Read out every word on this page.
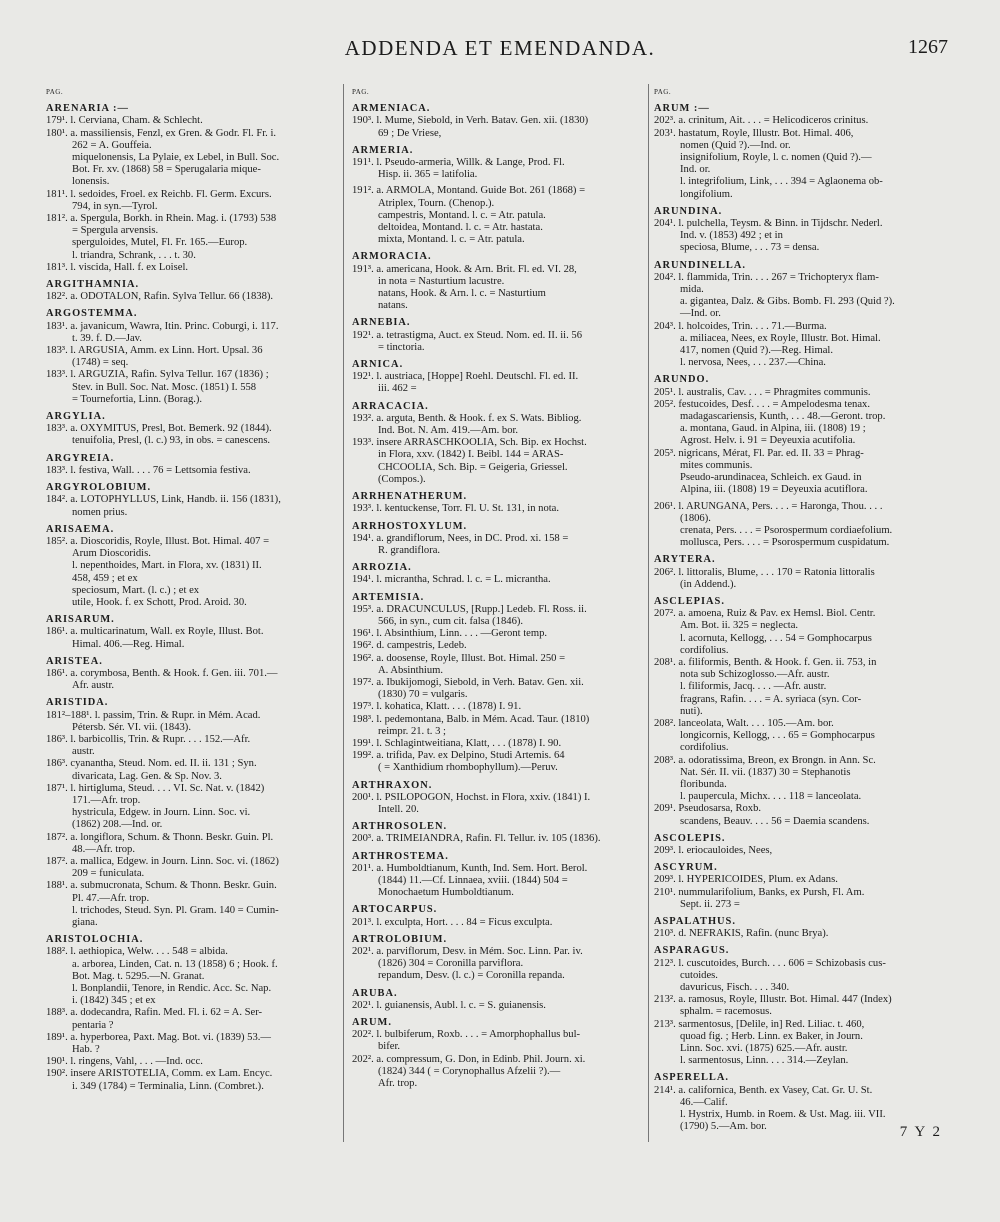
ADDENDA ET EMENDANDA.	1267
PAG.
ARENARIA :—
179¹. l. Cerviana, Cham. & Schlecht.
180¹. a. massiliensis, Fenzl, ex Gren. & Godr. Fl. Fr. i.
262 = A. Gouffeia.
miquelonensis, La Pylaie, ex Lebel, in Bull. Soc.
Bot. Fr. xv. (1868) 58 = Sperugalaria mique-
lonensis.
181¹. l. sedoides, Froel. ex Reichb. Fl. Germ. Excurs.
794, in syn.—Tyrol.
181². a. Spergula, Borkh. in Rhein. Mag. i. (1793) 538
= Spergula arvensis.
sperguloides, Mutel, Fl. Fr. 165.—Europ.
l. triandra, Schrank, . . . t. 30.
181³. l. viscida, Hall. f. ex Loisel.
ARGITHAMNIA.
182². a. ODOTALON, Rafin. Sylva Tellur. 66 (1838).
ARGOSTEMMA.
183¹. a. javanicum, Wawra, Itin. Princ. Coburgi, i. 117.
t. 39. f. D.—Jav.
183³. l. ARGUSIA, Amm. ex Linn. Hort. Upsal. 36
(1748) = seq.
183³. l. ARGUZIA, Rafin. Sylva Tellur. 167 (1836) ;
Stev. in Bull. Soc. Nat. Mosc. (1851) I. 558
= Tournefortia, Linn. (Borag.).
ARGYLIA.
183³. a. OXYMITUS, Presl, Bot. Bemerk. 92 (1844).
tenuifolia, Presl, (l. c.) 93, in obs. = canescens.
ARGYREIA.
183³. l. festiva, Wall. . . . 76 = Lettsomia festiva.
ARGYROLOBIUM.
184². a. LOTOPHYLLUS, Link, Handb. ii. 156 (1831),
nomen prius.
ARISAEMA.
185². a. Dioscoridis, Royle, Illust. Bot. Himal. 407 =
Arum Dioscoridis.
l. nepenthoides, Mart. in Flora, xv. (1831) II.
458, 459 ; et ex
speciosum, Mart. (l. c.) ; et ex
utile, Hook. f. ex Schott, Prod. Aroid. 30.
ARISARUM.
186¹. a. multicarinatum, Wall. ex Royle, Illust. Bot.
Himal. 406.—Reg. Himal.
ARISTEA.
186¹. a. corymbosa, Benth. & Hook. f. Gen. iii. 701.—
Afr. austr.
ARISTIDA.
181²–188¹. l. passim, Trin. & Rupr. in Mém. Acad.
Pétersb. Sér. VI. vii. (1843).
186³. l. barbicollis, Trin. & Rupr. . . . 152.—Afr.
austr.
186³. cyanantha, Steud. Nom. ed. II. ii. 131 ; Syn.
divaricata, Lag. Gen. & Sp. Nov. 3.
187¹. l. hirtigluma, Steud. . . . VI. Sc. Nat. v. (1842)
171.—Afr. trop.
hystricula, Edgew. in Journ. Linn. Soc. vi.
(1862) 208.—Ind. or.
187². a. longiflora, Schum. & Thonn. Beskr. Guin. Pl.
48.—Afr. trop.
187². a. mallica, Edgew. in Journ. Linn. Soc. vi. (1862)
209 = funiculata.
188¹. a. submucronata, Schum. & Thonn. Beskr. Guin.
Pl. 47.—Afr. trop.
l. trichodes, Steud. Syn. Pl. Gram. 140 = Cumin-
giana.
ARISTOLOCHIA.
188². l. aethiopica, Welw. . . . 548 = albida.
a. arborea, Linden, Cat. n. 13 (1858) 6 ; Hook. f.
Bot. Mag. t. 5295.—N. Granat.
l. Bonplandii, Tenore, in Rendic. Acc. Sc. Nap.
i. (1842) 345 ; et ex
188³. a. dodecandra, Rafin. Med. Fl. i. 62 = A. Ser-
pentaria ?
189¹. a. hyperborea, Paxt. Mag. Bot. vi. (1839) 53.—
Hab. ?
190¹. l. ringens, Vahl, . . . —Ind. occ.
190². insere ARISTOTELIA, Comm. ex Lam. Encyc.
i. 349 (1784) = Terminalia, Linn. (Combret.).
PAG.
ARMENIACA.
190³. l. Mume, Siebold, in Verh. Batav. Gen. xii. (1830)
69 ; De Vriese,
ARMERIA.
191¹. l. Pseudo-armeria, Willk. & Lange, Prod. Fl.
Hisp. ii. 365 = latifolia.
191². a. ARMOLA, Montand. Guide Bot. 261 (1868) =
Atriplex, Tourn. (Chenop.).
campestris, Montand. l. c. = Atr. patula.
deltoidea, Montand. l. c. = Atr. hastata.
mixta, Montand. l. c. = Atr. patula.
ARMORACIA.
191³. a. americana, Hook. & Arn. Brit. Fl. ed. VI. 28,
in nota = Nasturtium lacustre.
natans, Hook. & Arn. l. c. = Nasturtium
natans.
ARNEBIA.
192¹. a. tetrastigma, Auct. ex Steud. Nom. ed. II. ii. 56
= tinctoria.
ARNICA.
192¹. l. austriaca, [Hoppe] Roehl. Deutschl. Fl. ed. II.
iii. 462 =
ARRACACIA.
193². a. arguta, Benth. & Hook. f. ex S. Wats. Bibliog.
Ind. Bot. N. Am. 419.—Am. bor.
193³. insere ARRASCHKOOLIA, Sch. Bip. ex Hochst.
in Flora, xxv. (1842) I. Beibl. 144 = ARAS-
CHCOOLIA, Sch. Bip. = Geigeria, Griessel.
(Compos.).
ARRHENATHERUM.
193³. l. kentuckense, Torr. Fl. U. St. 131, in nota.
ARRHOSTOXYLUM.
194¹. a. grandiflorum, Nees, in DC. Prod. xi. 158 =
R. grandiflora.
ARROZIA.
194¹. l. micrantha, Schrad. l. c. = L. micrantha.
ARTEMISIA.
195³. a. DRACUNCULUS, [Rupp.] Ledeb. Fl. Ross. ii.
566, in syn., cum cit. falsa (1846).
196¹. l. Absinthium, Linn. . . . —Geront temp.
196². d. campestris, Ledeb.
196². a. doosense, Royle, Illust. Bot. Himal. 250 =
A. Absinthium.
197². a. Ibukijomogi, Siebold, in Verh. Batav. Gen. xii.
(1830) 70 = vulgaris.
197³. l. kohatica, Klatt. . . . (1878) I. 91.
198³. l. pedemontana, Balb. in Mém. Acad. Taur. (1810)
reimpr. 21. t. 3 ;
199¹. l. Schlagintweitiana, Klatt, . . . (1878) I. 90.
199². a. trifida, Pav. ex Delpino, Studi Artemis. 64
( = Xanthidium rhombophyllum).—Peruv.
ARTHRAXON.
200¹. l. PSILOPOGON, Hochst. in Flora, xxiv. (1841) I.
Intell. 20.
ARTHROSOLEN.
200³. a. TRIMEIANDRA, Rafin. Fl. Tellur. iv. 105 (1836).
ARTHROSTEMA.
201¹. a. Humboldtianum, Kunth, Ind. Sem. Hort. Berol.
(1844) 11.—Cf. Linnaea, xviii. (1844) 504 =
Monochaetum Humboldtianum.
ARTOCARPUS.
201³. l. exculpta, Hort. . . . 84 = Ficus exculpta.
ARTROLOBIUM.
202¹. a. parviflorum, Desv. in Mém. Soc. Linn. Par. iv.
(1826) 304 = Coronilla parviflora.
repandum, Desv. (l. c.) = Coronilla repanda.
ARUBA.
202¹. l. guianensis, Aubl. l. c. = S. guianensis.
ARUM.
202². l. bulbiferum, Roxb. . . . = Amorphophallus bul-
bifer.
202². a. compressum, G. Don, in Edinb. Phil. Journ. xi.
(1824) 344 ( = Corynophallus Afzelii ?).—
Afr. trop.
PAG.
ARUM :—
202³. a. crinitum, Ait. . . . = Helicodiceros crinitus.
203¹. hastatum, Royle, Illustr. Bot. Himal. 406,
nomen (Quid ?).—Ind. or.
insignifolium, Royle, l. c. nomen (Quid ?).—
Ind. or.
l. integrifolium, Link, . . . 394 = Aglaonema ob-
longifolium.
ARUNDINA.
204¹. l. pulchella, Teysm. & Binn. in Tijdschr. Nederl.
Ind. v. (1853) 492 ; et in
speciosa, Blume, . . . 73 = densa.
ARUNDINELLA.
204². l. flammida, Trin. . . . 267 = Trichopteryx flam-
mida.
a. gigantea, Dalz. & Gibs. Bomb. Fl. 293 (Quid ?).
—Ind. or.
204³. l. holcoides, Trin. . . . 71.—Burma.
a. miliacea, Nees, ex Royle, Illustr. Bot. Himal.
417, nomen (Quid ?).—Reg. Himal.
l. nervosa, Nees, . . . 237.—China.
ARUNDO.
205¹. l. australis, Cav. . . . = Phragmites communis.
205². festucoides, Desf. . . . = Ampelodesma tenax.
madagascariensis, Kunth, . . . 48.—Geront. trop.
a. montana, Gaud. in Alpina, iii. (1808) 19 ;
Agrost. Helv. i. 91 = Deyeuxia acutifolia.
205³. nigricans, Mérat, Fl. Par. ed. II. 33 = Phrag-
mites communis.
Pseudo-arundinacea, Schleich. ex Gaud. in
Alpina, iii. (1808) 19 = Deyeuxia acutiflora.
206¹. l. ARUNGANA, Pers. . . . = Haronga, Thou. . . .
(1806).
crenata, Pers. . . . = Psorospermum cordiaefolium.
mollusca, Pers. . . . = Psorospermum cuspidatum.
ARYTERA.
206². l. littoralis, Blume, . . . 170 = Ratonia littoralis
(in Addend.).
ASCLEPIAS.
207². a. amoena, Ruiz & Pav. ex Hemsl. Biol. Centr.
Am. Bot. ii. 325 = neglecta.
l. acornuta, Kellogg, . . . 54 = Gomphocarpus
cordifolius.
208¹. a. filiformis, Benth. & Hook. f. Gen. ii. 753, in
nota sub Schizoglosso.—Afr. austr.
l. filiformis, Jacq. . . . —Afr. austr.
fragrans, Rafin. . . . = A. syriaca (syn. Cor-
nuti).
208². lanceolata, Walt. . . . 105.—Am. bor.
longicornis, Kellogg, . . . 65 = Gomphocarpus
cordifolius.
208³. a. odoratissima, Breon, ex Brongn. in Ann. Sc.
Nat. Sér. II. vii. (1837) 30 = Stephanotis
floribunda.
l. paupercula, Michx. . . . 118 = lanceolata.
209¹. Pseudosarsa, Roxb.
scandens, Beauv. . . . 56 = Daemia scandens.
ASCOLEPIS.
209³. l. eriocauloides, Nees,
ASCYRUM.
209³. l. HYPERICOIDES, Plum. ex Adans.
210¹. nummularifolium, Banks, ex Pursh, Fl. Am.
Sept. ii. 273 =
ASPALATHUS.
210³. d. NEFRAKIS, Rafin. (nunc Brya).
ASPARAGUS.
212³. l. cuscutoides, Burch. . . . 606 = Schizobasis cus-
cutoides.
davuricus, Fisch. . . . 340.
213². a. ramosus, Royle, Illustr. Bot. Himal. 447 (Index)
sphalm. = racemosus.
213³. sarmentosus, [Delile, in] Red. Liliac. t. 460,
quoad fig. ; Herb. Linn. ex Baker, in Journ.
Linn. Soc. xvi. (1875) 625.—Afr. austr.
l. sarmentosus, Linn. . . . 314.—Zeylan.
ASPERELLA.
214¹. a. californica, Benth. ex Vasey, Cat. Gr. U. St.
46.—Calif.
l. Hystrix, Humb. in Roem. & Ust. Mag. iii. VII.
(1790) 5.—Am. bor.	7 Y 2
